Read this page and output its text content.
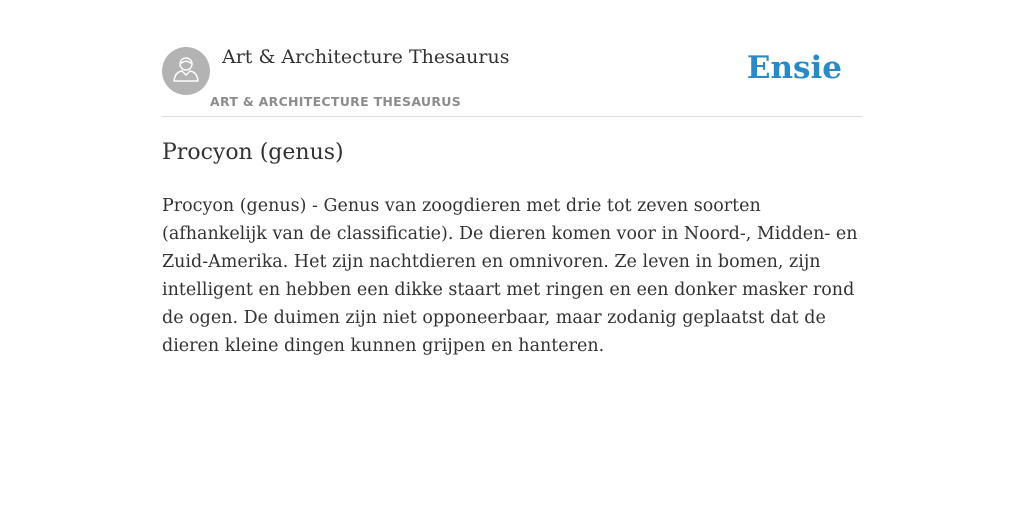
Art & Architecture Thesaurus
ART & ARCHITECTURE THESAURUS
Ensie
Procyon (genus)

Procyon (genus) - Genus van zoogdieren met drie tot zeven soorten (afhankelijk van de classificatie). De dieren komen voor in Noord-, Midden- en Zuid-Amerika. Het zijn nachtdieren en omnivoren. Ze leven in bomen, zijn intelligent en hebben een dikke staart met ringen en een donker masker rond de ogen. De duimen zijn niet opponeerbaar, maar zodanig geplaatst dat de dieren kleine dingen kunnen grijpen en hanteren.
